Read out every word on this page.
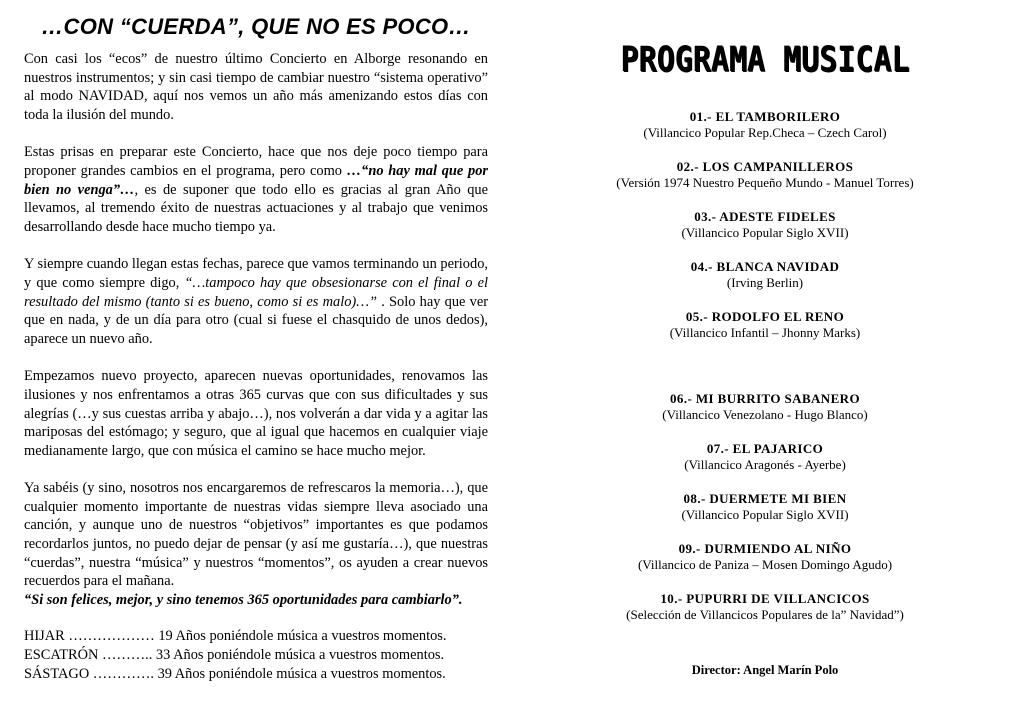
…CON “CUERDA”, QUE NO ES POCO…

Con casi los “ecos” de nuestro último Concierto en Alborge resonando en nuestros instrumentos; y sin casi tiempo de cambiar nuestro “sistema operativo” al modo NAVIDAD, aquí nos vemos un año más amenizando estos días con toda la ilusión del mundo.

Estas prisas en preparar este Concierto, hace que nos deje poco tiempo para proponer grandes cambios en el programa, pero como …“no hay mal que por bien no venga”…, es de suponer que todo ello es gracias al gran Año que llevamos, al tremendo éxito de nuestras actuaciones y al trabajo que venimos desarrollando desde hace mucho tiempo ya.

Y siempre cuando llegan estas fechas, parece que vamos terminando un periodo, y que como siempre digo, “…tampoco hay que obsesionarse con el final o el resultado del mismo (tanto si es bueno, como si es malo)…” . Solo hay que ver que en nada, y de un día para otro (cual si fuese el chasquido de unos dedos), aparece un nuevo año.

Empezamos nuevo proyecto, aparecen nuevas oportunidades, renovamos las ilusiones y nos enfrentamos a otras 365 curvas que con sus dificultades y sus alegrías (…y sus cuestas arriba y abajo…), nos volverán a dar vida y a agitar las mariposas del estómago; y seguro, que al igual que hacemos en cualquier viaje medianamente largo, que con música el camino se hace mucho mejor.

Ya sabéis (y sino, nosotros nos encargaremos de refrescaros la memoria…), que cualquier momento importante de nuestras vidas siempre lleva asociado una canción, y aunque uno de nuestros “objetivos” importantes es que podamos recordarlos juntos, no puedo dejar de pensar (y así me gustaría…), que nuestras “cuerdas”, nuestra “música” y nuestros “momentos”, os ayuden a crear nuevos recuerdos para el mañana.

“Si son felices, mejor, y sino tenemos 365 oportunidades para cambiarlo”.

HIJAR ……………… 19 Años poniéndole música a vuestros momentos.
ESCATRÓN ……….. 33 Años poniéndole música a vuestros momentos.
SÁSTAGO …………. 39 Años poniéndole música a vuestros momentos.
PROGRAMA MUSICAL
01.- EL TAMBORILERO
(Villancico Popular Rep.Checa – Czech Carol)
02.- LOS CAMPANILLEROS
(Versión 1974 Nuestro Pequeño Mundo - Manuel Torres)
03.- ADESTE FIDELES
(Villancico Popular Siglo XVII)
04.- BLANCA NAVIDAD
(Irving Berlin)
05.- RODOLFO EL RENO
(Villancico Infantil – Jhonny Marks)
06.- MI BURRITO SABANERO
(Villancico Venezolano - Hugo Blanco)
07.- EL PAJARICO
(Villancico Aragonés - Ayerbe)
08.- DUERMETE MI BIEN
(Villancico Popular Siglo XVII)
09.- DURMIENDO AL NIÑO
(Villancico de Paniza – Mosen Domingo Agudo)
10.- PUPURRI DE VILLANCICOS
(Selección de Villancicos Populares de la” Navidad”)
Director: Angel Marín Polo
